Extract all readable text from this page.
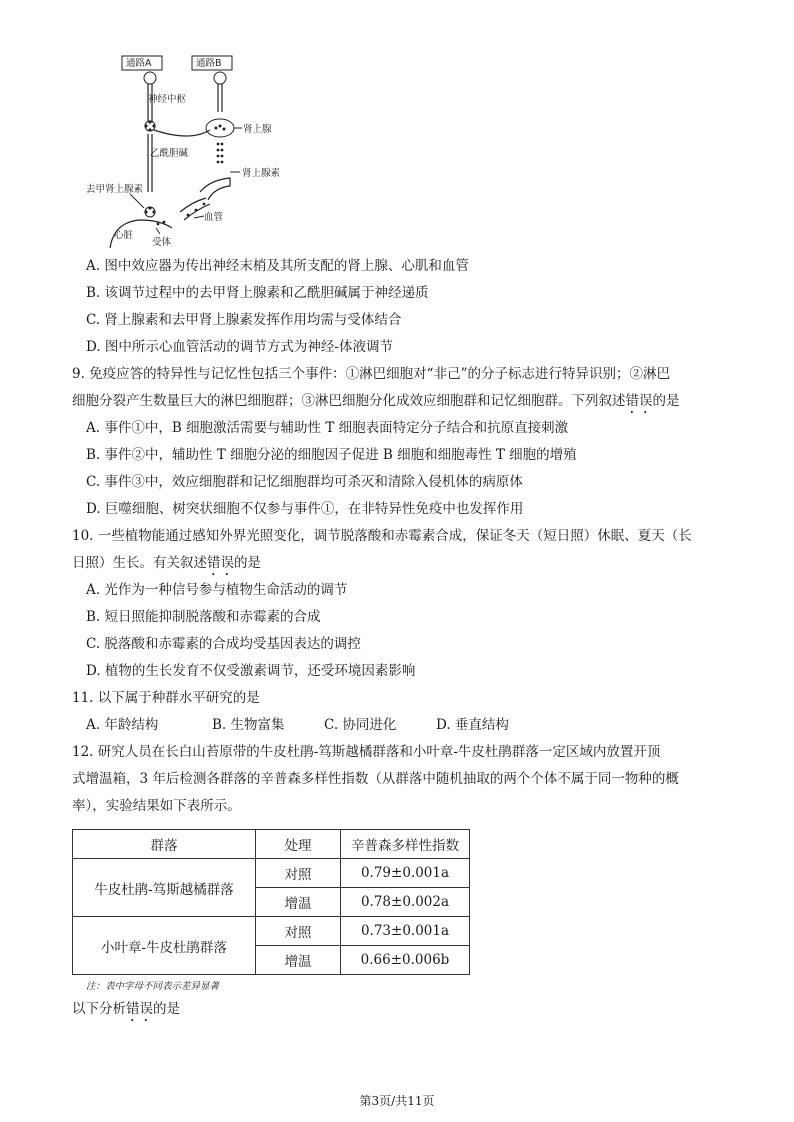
通路A	通路B
神经中枢
肾上腺
乙酰胆碱
肾上腺素
血管
去甲肾上腺素
心脏
受体
A. 图中效应器为传出神经末梢及其所支配的肾上腺、心肌和血管
B. 该调节过程中的去甲肾上腺素和乙酰胆碱属于神经递质
C. 肾上腺素和去甲肾上腺素发挥作用均需与受体结合
D. 图中所示心血管活动的调节方式为神经-体液调节
9. 免疫应答的特异性与记忆性包括三个事件：①淋巴细胞对“非己”的分子标志进行特异识别；②淋巴
细胞分裂产生数量巨大的淋巴细胞群；③淋巴细胞分化成效应细胞群和记忆细胞群。下列叙述错误的是
A. 事件①中，B 细胞激活需要与辅助性 T 细胞表面特定分子结合和抗原直接刺激
B. 事件②中，辅助性 T 细胞分泌的细胞因子促进 B 细胞和细胞毒性 T 细胞的增殖
C. 事件③中，效应细胞群和记忆细胞群均可杀灭和清除入侵机体的病原体
D. 巨噬细胞、树突状细胞不仅参与事件①，在非特异性免疫中也发挥作用
10. 一些植物能通过感知外界光照变化，调节脱落酸和赤霉素合成，保证冬天（短日照）休眠、夏天（长
日照）生长。有关叙述错误的是
A. 光作为一种信号参与植物生命活动的调节
B. 短日照能抑制脱落酸和赤霉素的合成
C. 脱落酸和赤霉素的合成均受基因表达的调控
D. 植物的生长发育不仅受激素调节，还受环境因素影响
11. 以下属于种群水平研究的是
A. 年龄结构	B. 生物富集	C. 协同进化	D. 垂直结构
12. 研究人员在长白山苔原带的牛皮杜鹃-笃斯越橘群落和小叶章-牛皮杜鹃群落一定区域内放置开顶
式增温箱，3 年后检测各群落的辛普森多样性指数（从群落中随机抽取的两个个体不属于同一物种的概
率），实验结果如下表所示。
群落	处理	辛普森多样性指数
牛皮杜鹃-笃斯越橘群落	对照	0.79±0.001a
	增温	0.78±0.002a
小叶章-牛皮杜鹃群落	对照	0.73±0.001a
	增温	0.66±0.006b
注：表中字母不同表示差异显著
以下分析错误的是
第3页/共11页
